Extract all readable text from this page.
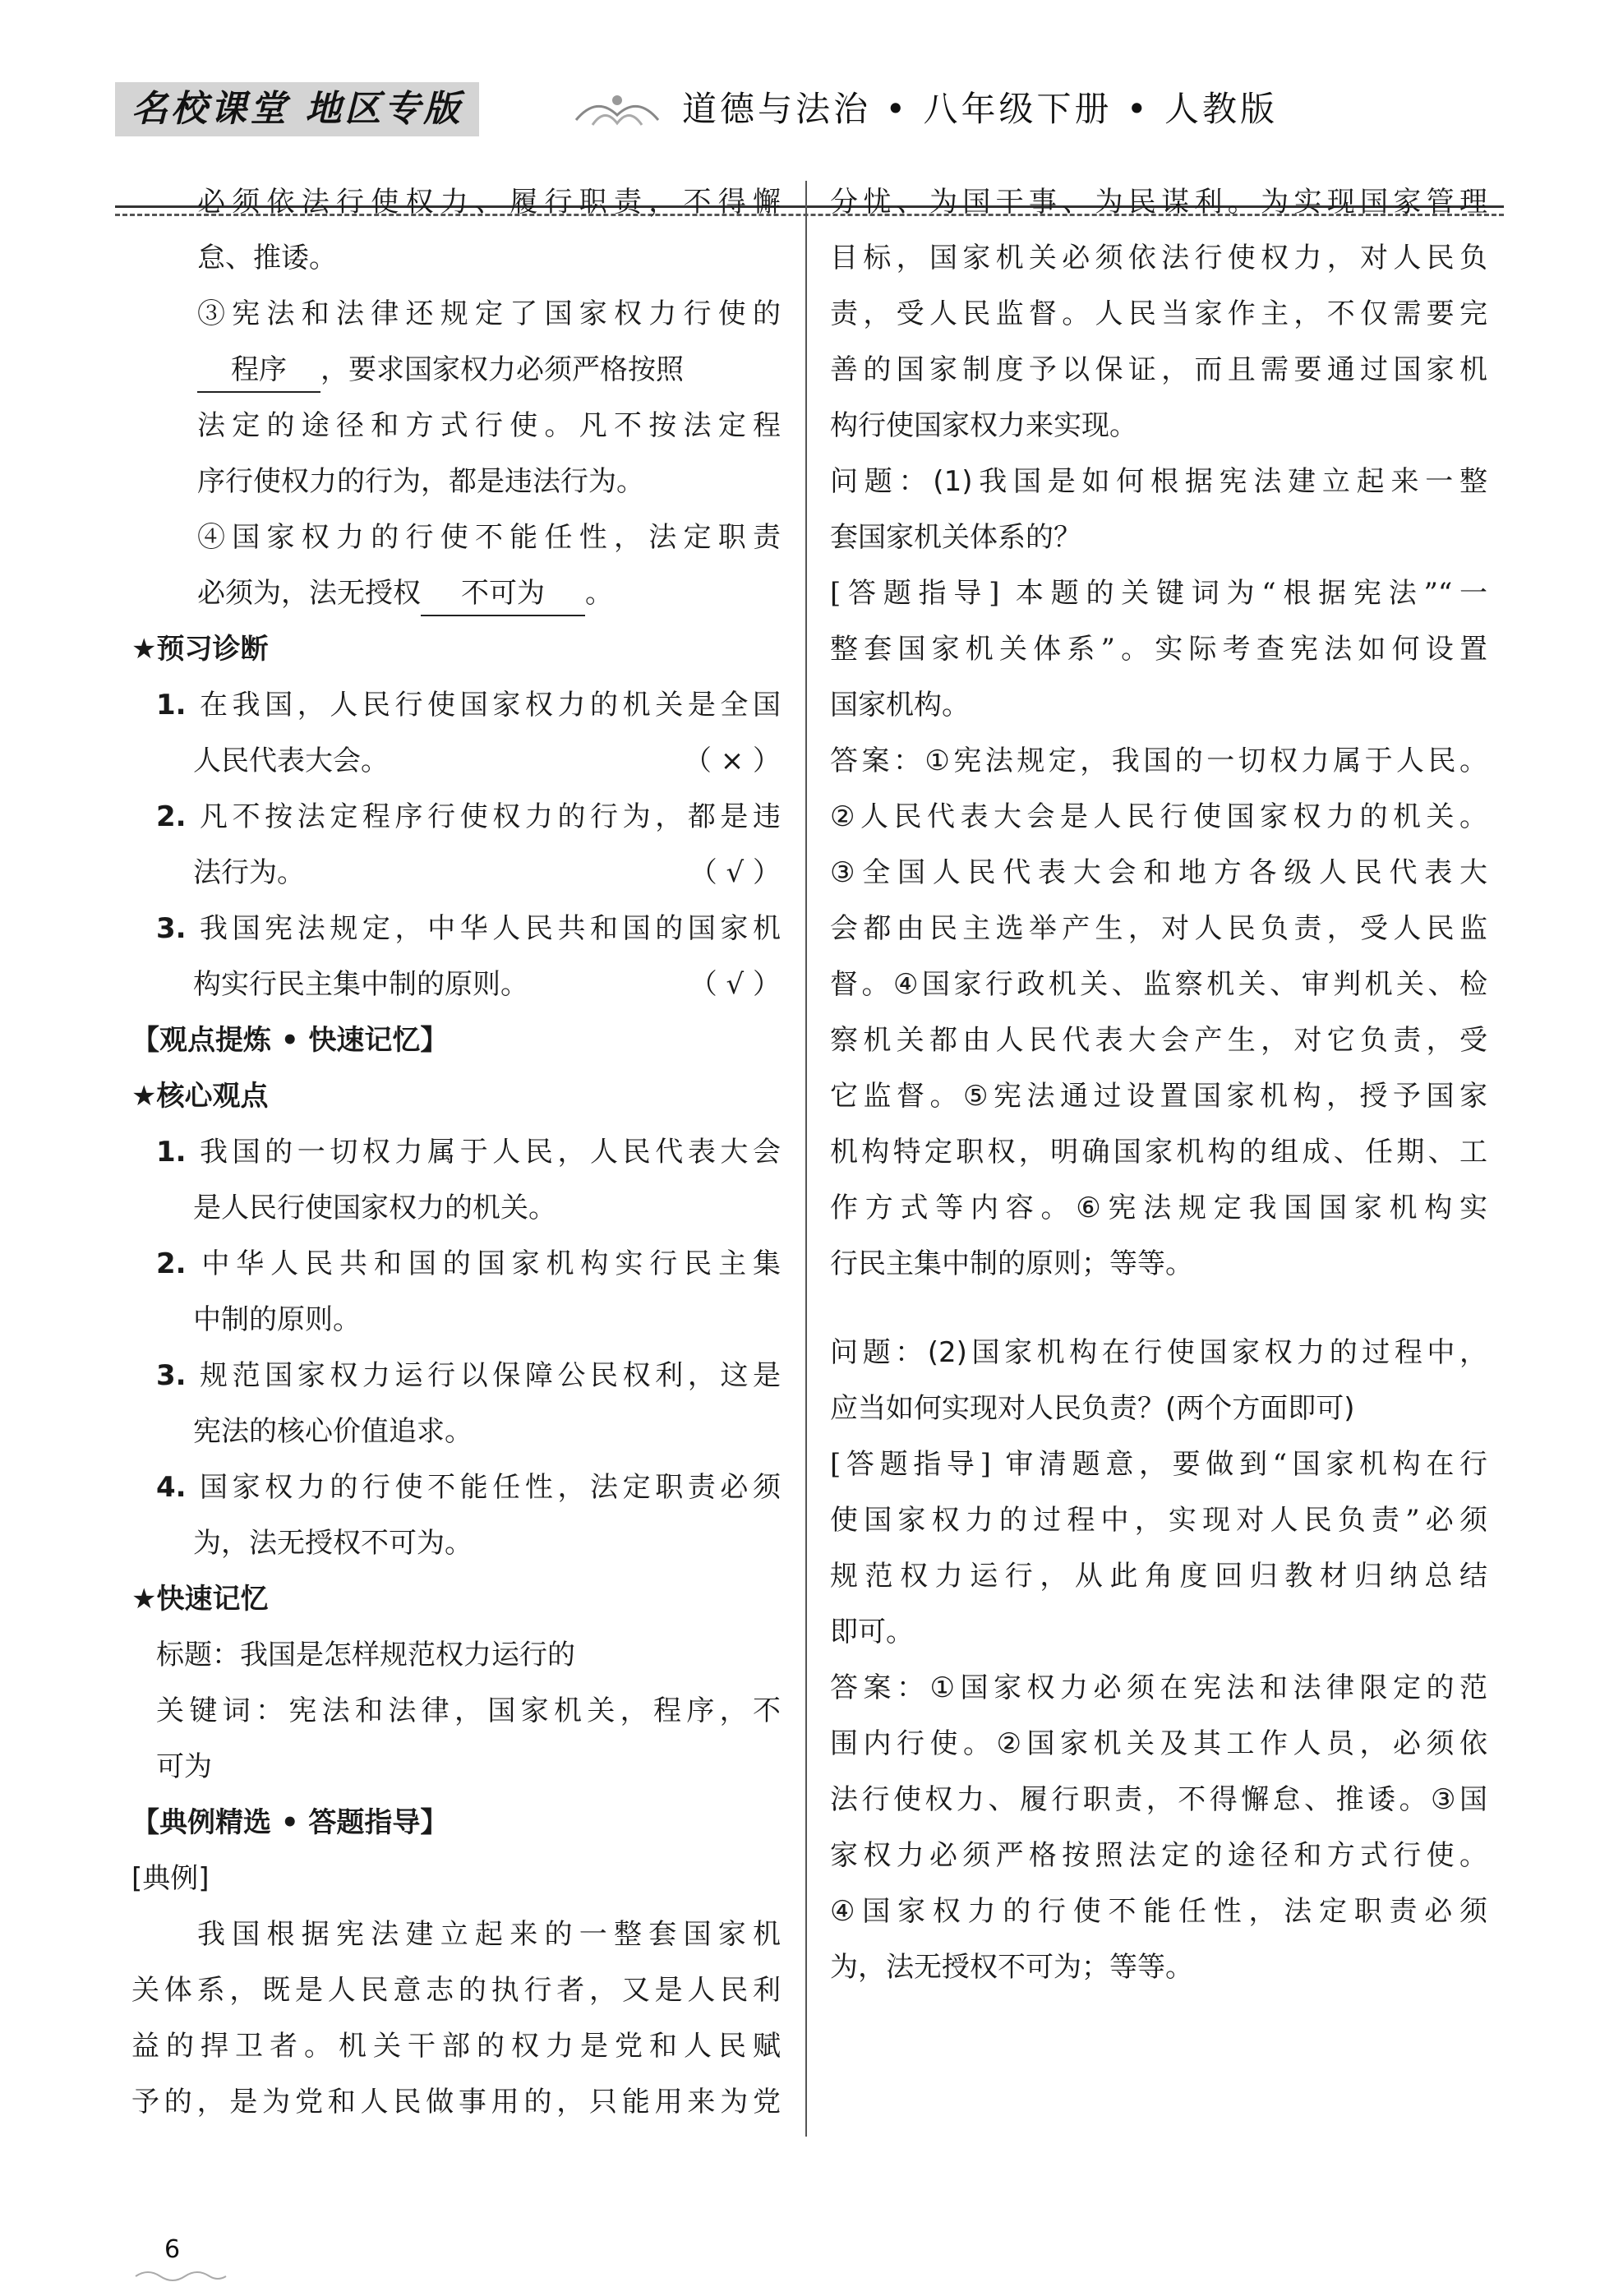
名校课堂 地区专版	道德与法治 • 八年级下册 • 人教版
必须依法行使权力、履行职责，不得懈
怠、推诿。
③宪法和法律还规定了国家权力行使的
程序 ，要求国家权力必须严格按照
法定的途径和方式行使。凡不按法定程
序行使权力的行为，都是违法行为。
④国家权力的行使不能任性，法定职责
必须为，法无授权 不可为 。
★预习诊断
1. 在我国，人民行使国家权力的机关是全国
人民代表大会。	（ × ）
2. 凡不按法定程序行使权力的行为，都是违
法行为。	（ √ ）
3. 我国宪法规定，中华人民共和国的国家机
构实行民主集中制的原则。	（ √ ）
【观点提炼 • 快速记忆】
★核心观点
1. 我国的一切权力属于人民，人民代表大会
是人民行使国家权力的机关。
2. 中华人民共和国的国家机构实行民主集
中制的原则。
3. 规范国家权力运行以保障公民权利，这是
宪法的核心价值追求。
4. 国家权力的行使不能任性，法定职责必须
为，法无授权不可为。
★快速记忆
标题：我国是怎样规范权力运行的
关键词：宪法和法律，国家机关，程序，不
可为
【典例精选 • 答题指导】
[典例]
我国根据宪法建立起来的一整套国家机
关体系，既是人民意志的执行者，又是人民利
益的捍卫者。机关干部的权力是党和人民赋
予的，是为党和人民做事用的，只能用来为党
分忧、为国干事、为民谋利。为实现国家管理
目标，国家机关必须依法行使权力，对人民负
责，受人民监督。人民当家作主，不仅需要完
善的国家制度予以保证，而且需要通过国家机
构行使国家权力来实现。
问题：(1)我国是如何根据宪法建立起来一整
套国家机关体系的？
[答题指导] 本题的关键词为“根据宪法”“一
整套国家机关体系”。实际考查宪法如何设置
国家机构。
答案：①宪法规定，我国的一切权力属于人民。
②人民代表大会是人民行使国家权力的机关。
③全国人民代表大会和地方各级人民代表大
会都由民主选举产生，对人民负责，受人民监
督。④国家行政机关、监察机关、审判机关、检
察机关都由人民代表大会产生，对它负责，受
它监督。⑤宪法通过设置国家机构，授予国家
机构特定职权，明确国家机构的组成、任期、工
作方式等内容。⑥宪法规定我国国家机构实
行民主集中制的原则；等等。
问题：(2)国家机构在行使国家权力的过程中，
应当如何实现对人民负责？(两个方面即可)
[答题指导] 审清题意，要做到“国家机构在行
使国家权力的过程中，实现对人民负责”必须
规范权力运行，从此角度回归教材归纳总结
即可。
答案：①国家权力必须在宪法和法律限定的范
围内行使。②国家机关及其工作人员，必须依
法行使权力、履行职责，不得懈怠、推诿。③国
家权力必须严格按照法定的途径和方式行使。
④国家权力的行使不能任性，法定职责必须
为，法无授权不可为；等等。
6
